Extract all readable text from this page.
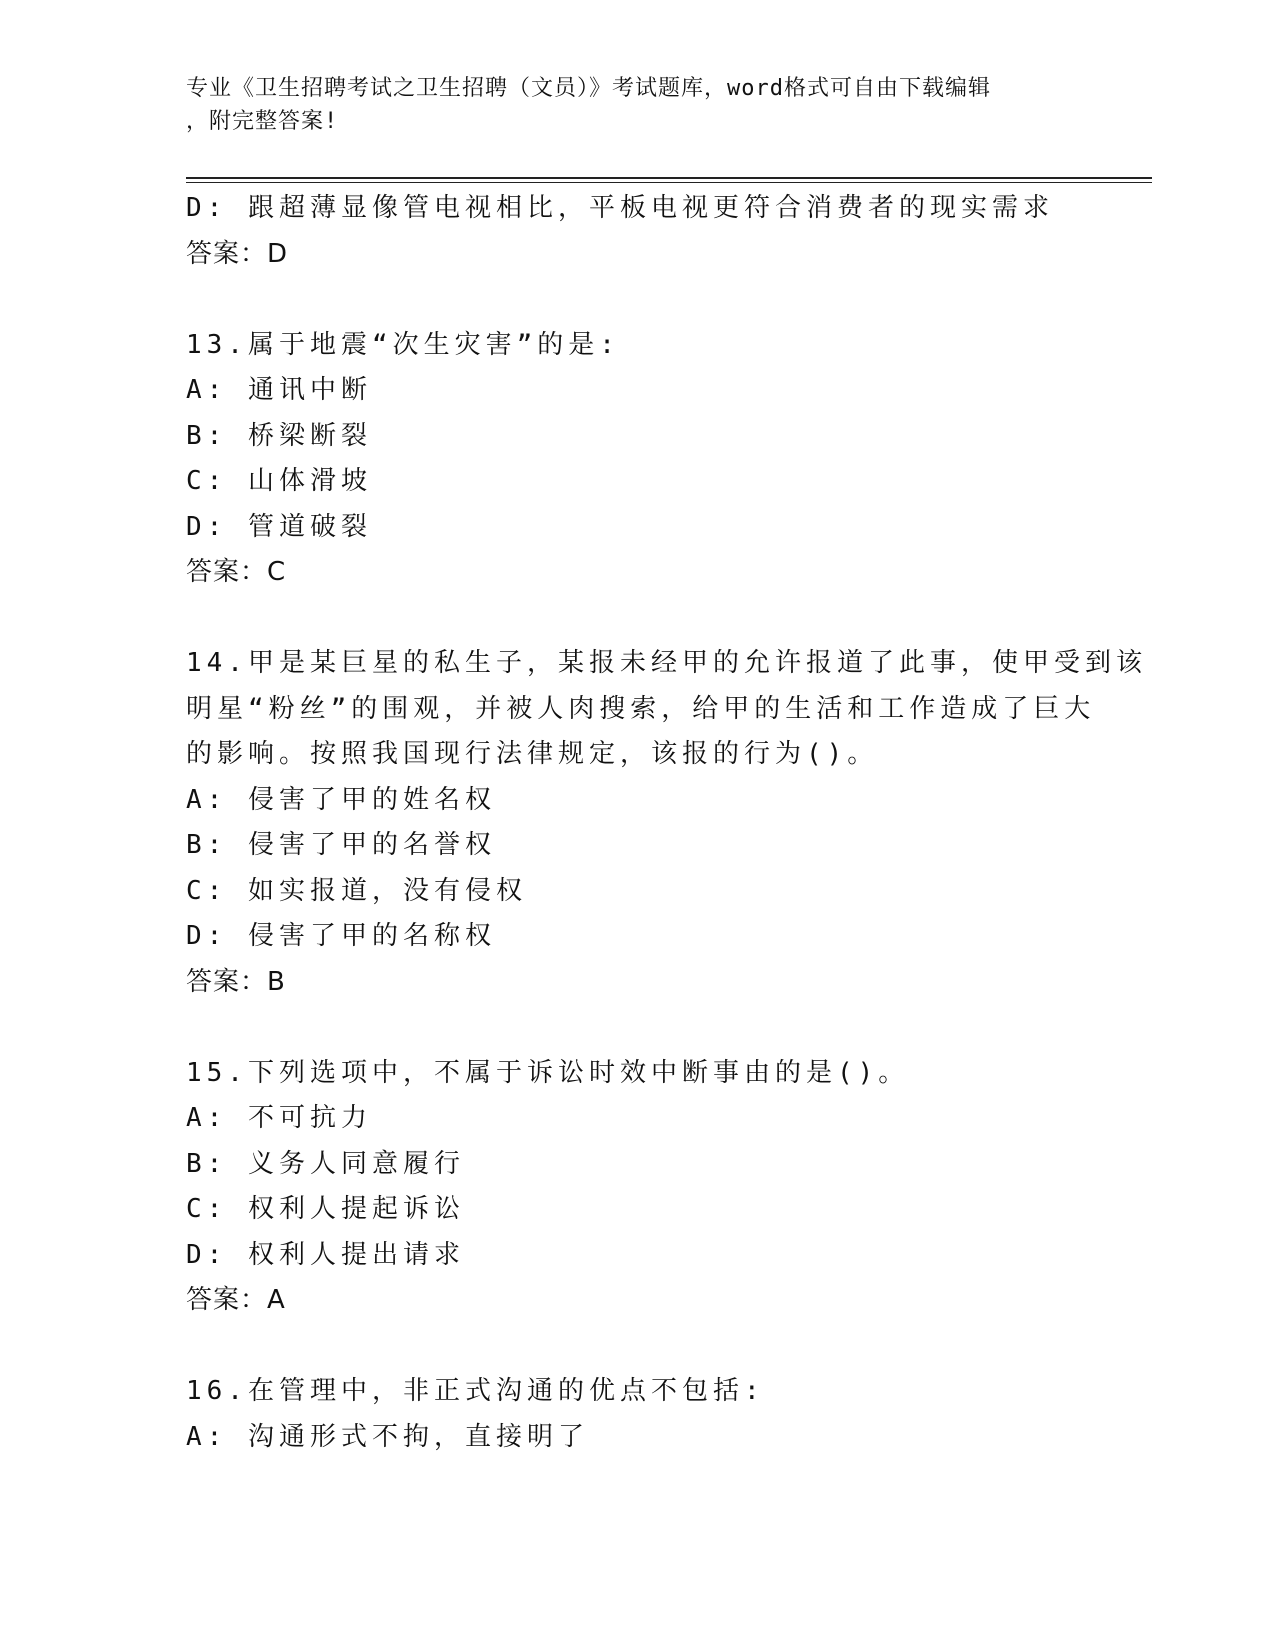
专业《卫生招聘考试之卫生招聘（文员）》考试题库，word格式可自由下载编辑
，附完整答案!
D: 跟超薄显像管电视相比，平板电视更符合消费者的现实需求
答案：D
13.属于地震“次生灾害”的是:
A: 通讯中断
B: 桥梁断裂
C: 山体滑坡
D: 管道破裂
答案：C
14.甲是某巨星的私生子，某报未经甲的允许报道了此事，使甲受到该
明星“粉丝”的围观，并被人肉搜索，给甲的生活和工作造成了巨大
的影响。按照我国现行法律规定，该报的行为()。
A: 侵害了甲的姓名权
B: 侵害了甲的名誉权
C: 如实报道，没有侵权
D: 侵害了甲的名称权
答案：B
15.下列选项中，不属于诉讼时效中断事由的是()。
A: 不可抗力
B: 义务人同意履行
C: 权利人提起诉讼
D: 权利人提出请求
答案：A
16.在管理中，非正式沟通的优点不包括:
A: 沟通形式不拘，直接明了
